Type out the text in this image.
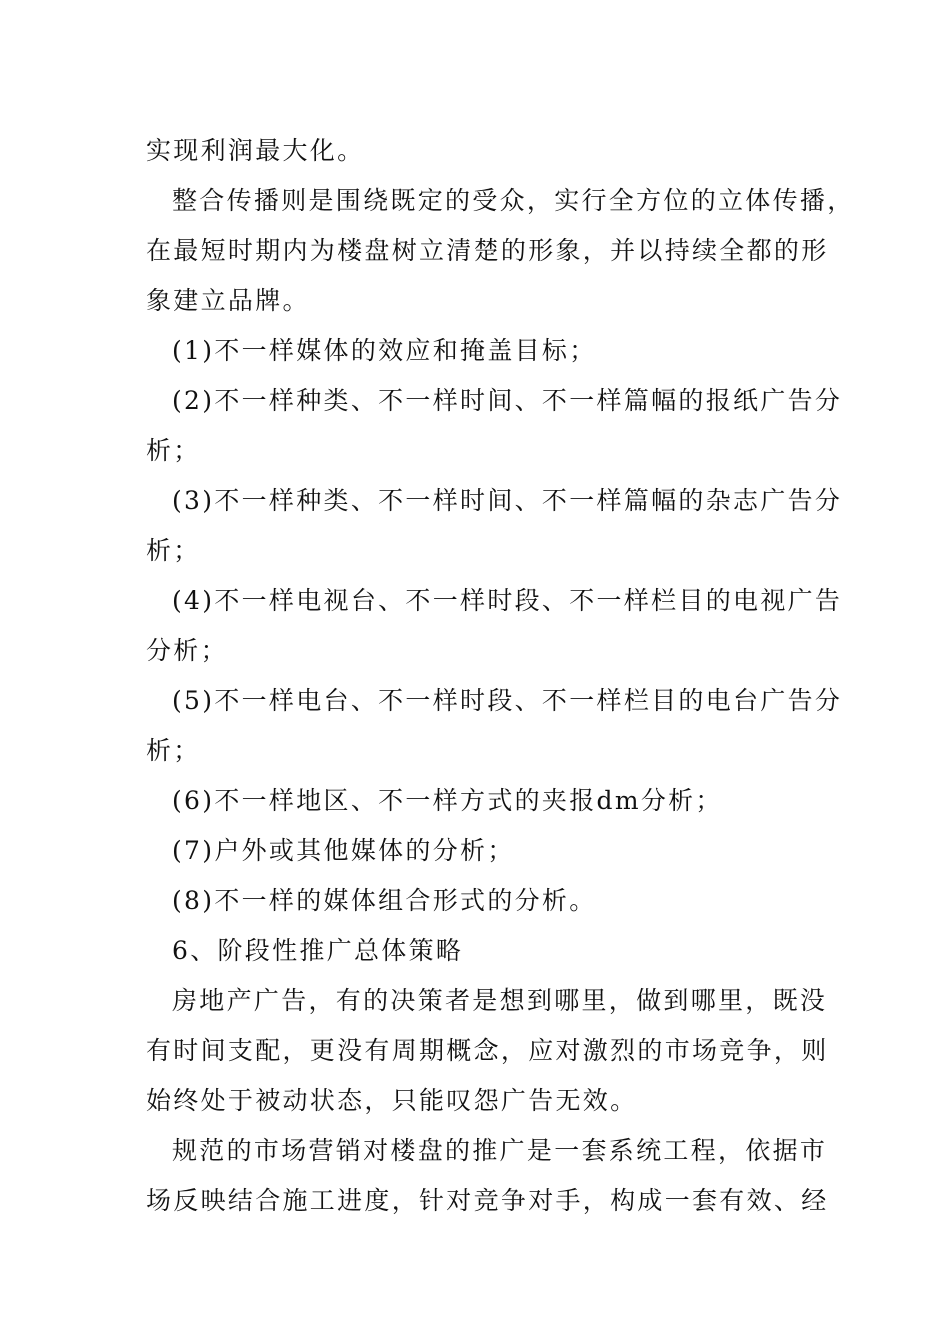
实现利润最大化。
整合传播则是围绕既定的受众，实行全方位的立体传播，
在最短时期内为楼盘树立清楚的形象，并以持续全都的形
象建立品牌。
(1)不一样媒体的效应和掩盖目标；
(2)不一样种类、不一样时间、不一样篇幅的报纸广告分
析；
(3)不一样种类、不一样时间、不一样篇幅的杂志广告分
析；
(4)不一样电视台、不一样时段、不一样栏目的电视广告
分析；
(5)不一样电台、不一样时段、不一样栏目的电台广告分
析；
(6)不一样地区、不一样方式的夹报dm分析；
(7)户外或其他媒体的分析；
(8)不一样的媒体组合形式的分析。
6、阶段性推广总体策略
房地产广告，有的决策者是想到哪里，做到哪里，既没
有时间支配，更没有周期概念，应对激烈的市场竞争，则
始终处于被动状态，只能叹怨广告无效。
规范的市场营销对楼盘的推广是一套系统工程，依据市
场反映结合施工进度，针对竞争对手，构成一套有效、经
